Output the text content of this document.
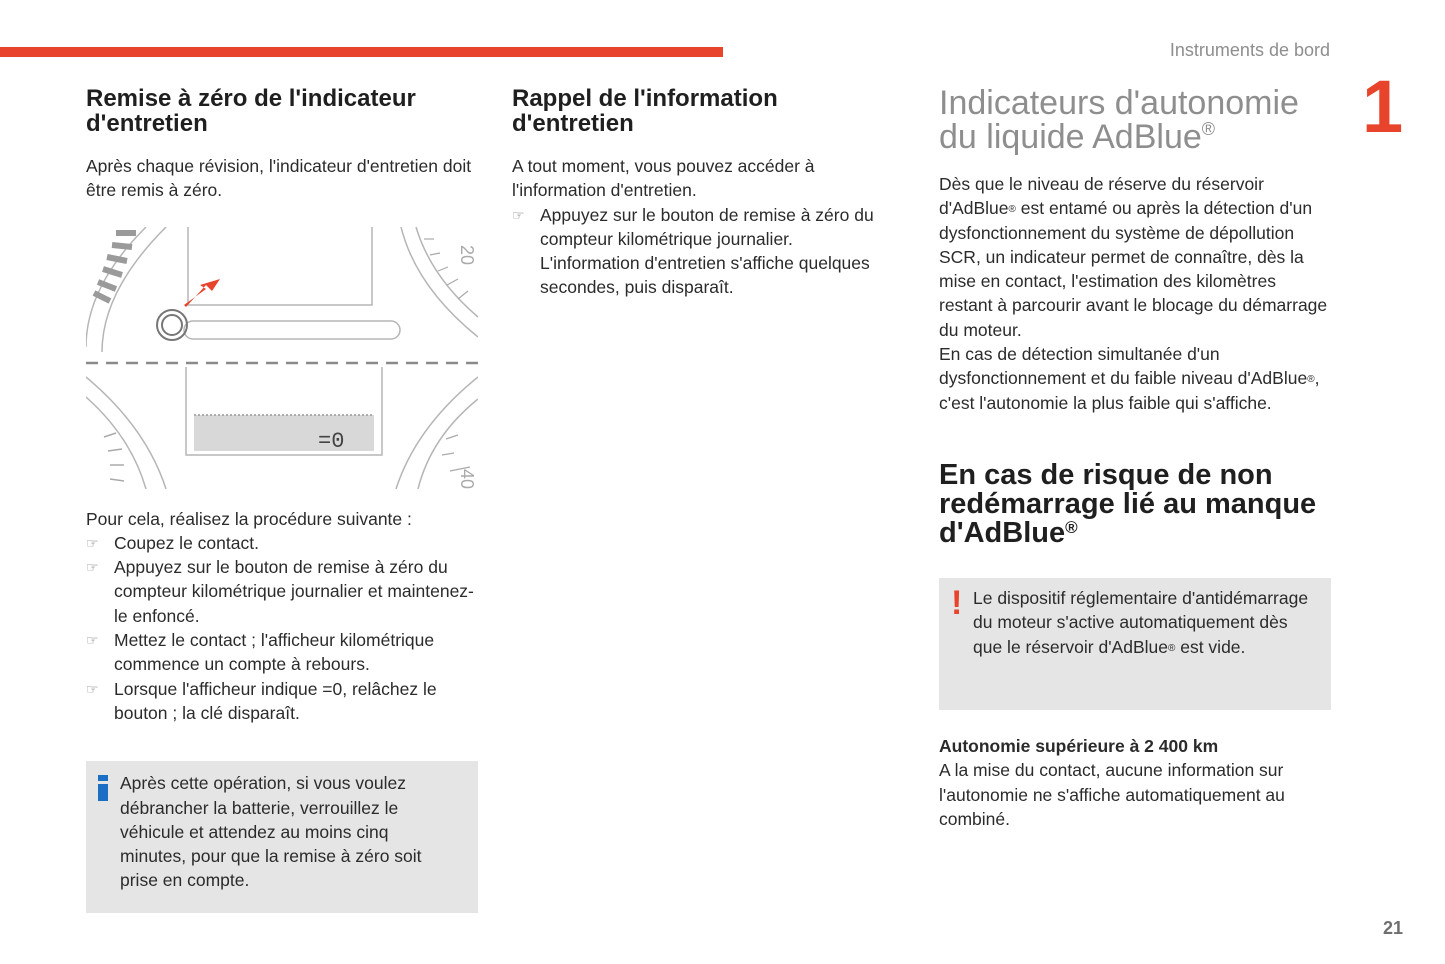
Instruments de bord
1
21
Remise à zéro de l'indicateur d'entretien

Après chaque révision, l'indicateur d'entretien doit être remis à zéro.

20
40
=0

Pour cela, réalisez la procédure suivante :

☞ Coupez le contact.
☞ Appuyez sur le bouton de remise à zéro du compteur kilométrique journalier et maintenez-le enfoncé.
☞ Mettez le contact ; l'afficheur kilométrique commence un compte à rebours.
☞ Lorsque l'afficheur indique =0, relâchez le bouton ; la clé disparaît.

Après cette opération, si vous voulez débrancher la batterie, verrouillez le véhicule et attendez au moins cinq minutes, pour que la remise à zéro soit prise en compte.

Rappel de l'information d'entretien

A tout moment, vous pouvez accéder à l'information d'entretien.

☞ Appuyez sur le bouton de remise à zéro du compteur kilométrique journalier. L'information d'entretien s'affiche quelques secondes, puis disparaît.
Indicateurs d'autonomie du liquide AdBlue®

Dès que le niveau de réserve du réservoir d'AdBlue® est entamé ou après la détection d'un dysfonctionnement du système de dépollution SCR, un indicateur permet de connaître, dès la mise en contact, l'estimation des kilomètres restant à parcourir avant le blocage du démarrage du moteur.

En cas de détection simultanée d'un dysfonctionnement et du faible niveau d'AdBlue®, c'est l'autonomie la plus faible qui s'affiche.

En cas de risque de non redémarrage lié au manque d'AdBlue®
! Le dispositif réglementaire d'antidémarrage du moteur s'active automatiquement dès que le réservoir d'AdBlue® est vide.

Autonomie supérieure à 2 400 km

A la mise du contact, aucune information sur l'autonomie ne s'affiche automatiquement au combiné.
